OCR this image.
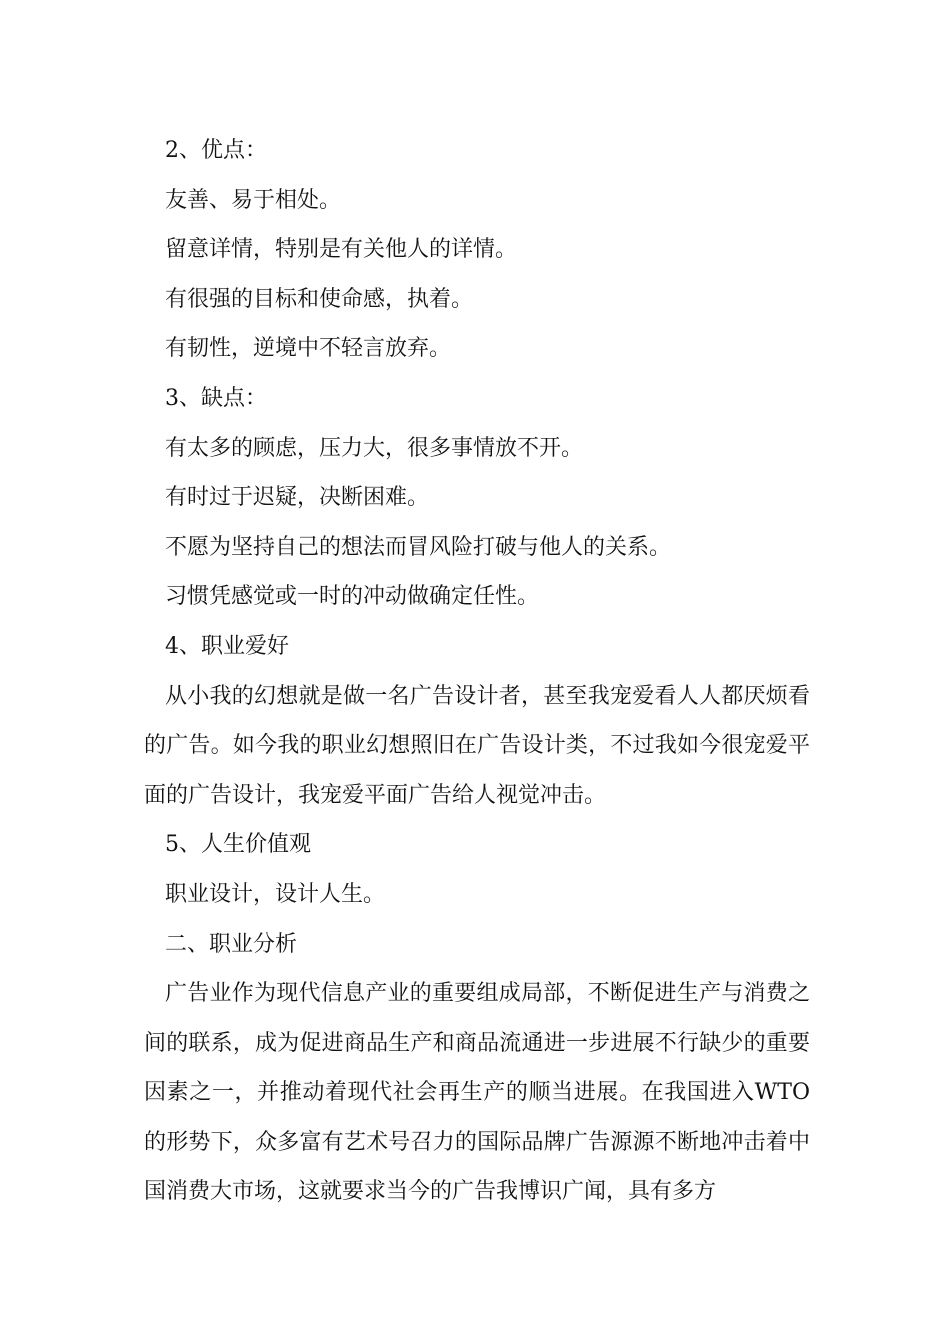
2、优点：
友善、易于相处。
留意详情，特别是有关他人的详情。
有很强的目标和使命感，执着。
有韧性，逆境中不轻言放弃。
3、缺点：
有太多的顾虑，压力大，很多事情放不开。
有时过于迟疑，决断困难。
不愿为坚持自己的想法而冒风险打破与他人的关系。
习惯凭感觉或一时的冲动做确定任性。
4、职业爱好
从小我的幻想就是做一名广告设计者，甚至我宠爱看人人都厌烦看的广告。如今我的职业幻想照旧在广告设计类，不过我如今很宠爱平面的广告设计，我宠爱平面广告给人视觉冲击。
5、人生价值观
职业设计，设计人生。
二、职业分析
广告业作为现代信息产业的重要组成局部，不断促进生产与消费之间的联系，成为促进商品生产和商品流通进一步进展不行缺少的重要因素之一，并推动着现代社会再生产的顺当进展。在我国进入WTO的形势下，众多富有艺术号召力的国际品牌广告源源不断地冲击着中国消费大市场，这就要求当今的广告我博识广闻，具有多方
